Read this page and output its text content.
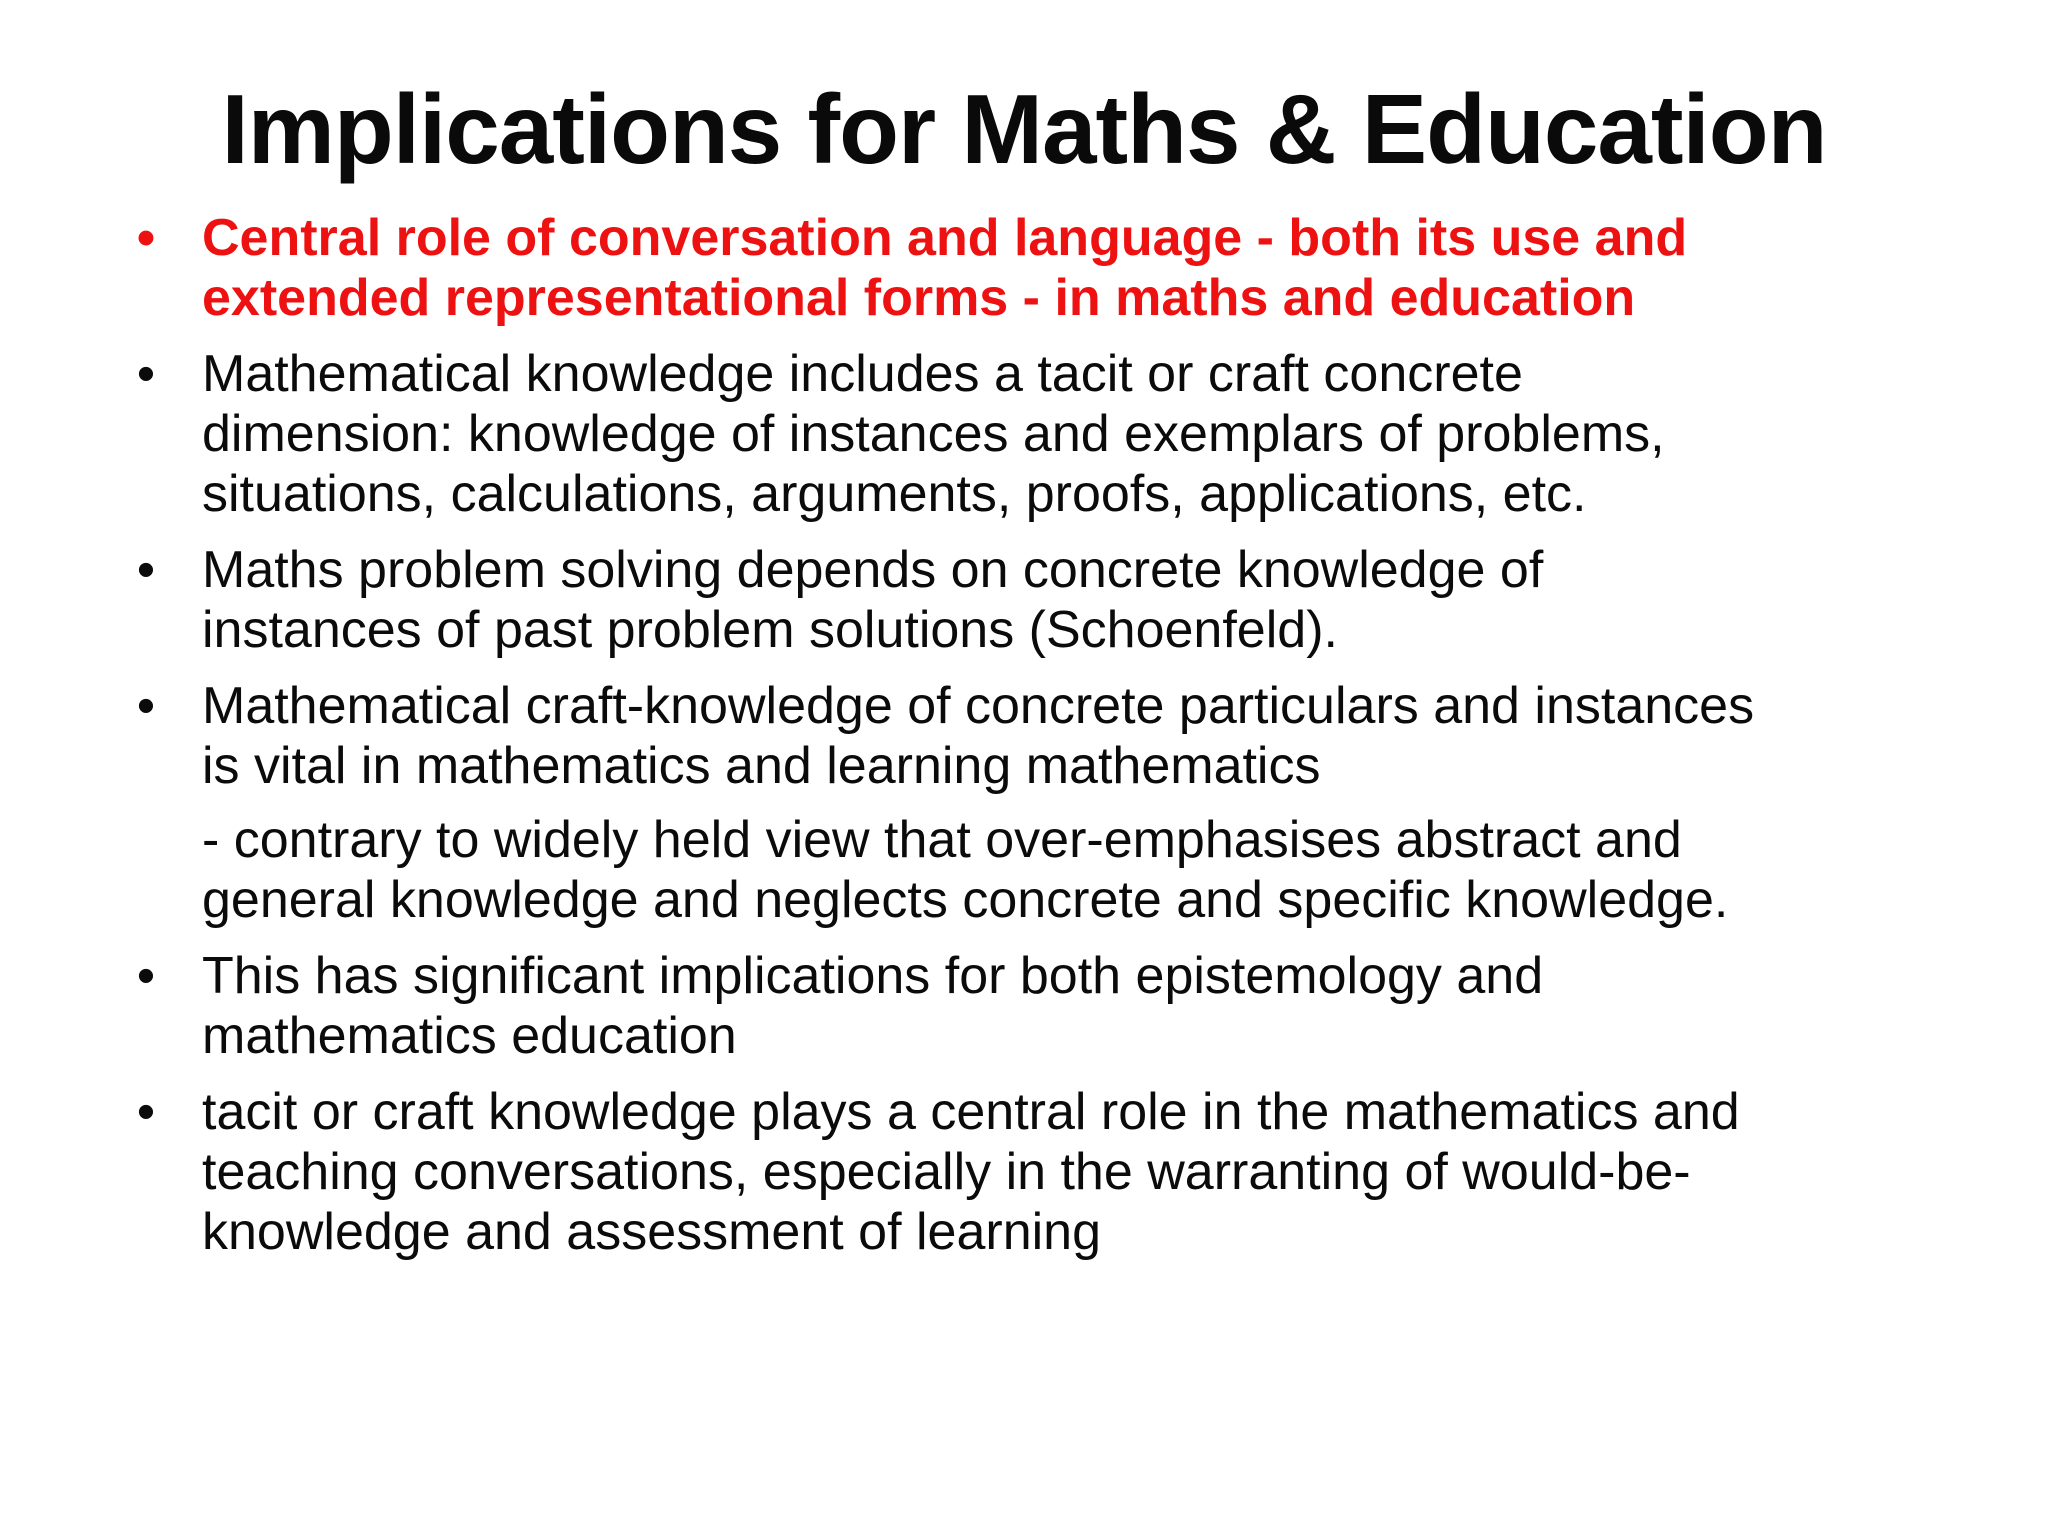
Implications for Maths & Education
• Central role of conversation and language - both its use and
extended representational forms - in maths and education
• Mathematical knowledge includes a tacit or craft concrete
dimension: knowledge of instances and exemplars of problems,
situations, calculations, arguments, proofs, applications, etc.
• Maths problem solving depends on concrete knowledge of
instances of past problem solutions (Schoenfeld).
• Mathematical craft-knowledge of concrete particulars and instances
is vital in mathematics and learning mathematics
- contrary to widely held view that over-emphasises abstract and
general knowledge and neglects concrete and specific knowledge.
• This has significant implications for both epistemology and
mathematics education
• tacit or craft knowledge plays a central role in the mathematics and
teaching conversations, especially in the warranting of would-be-
knowledge and assessment of learning
